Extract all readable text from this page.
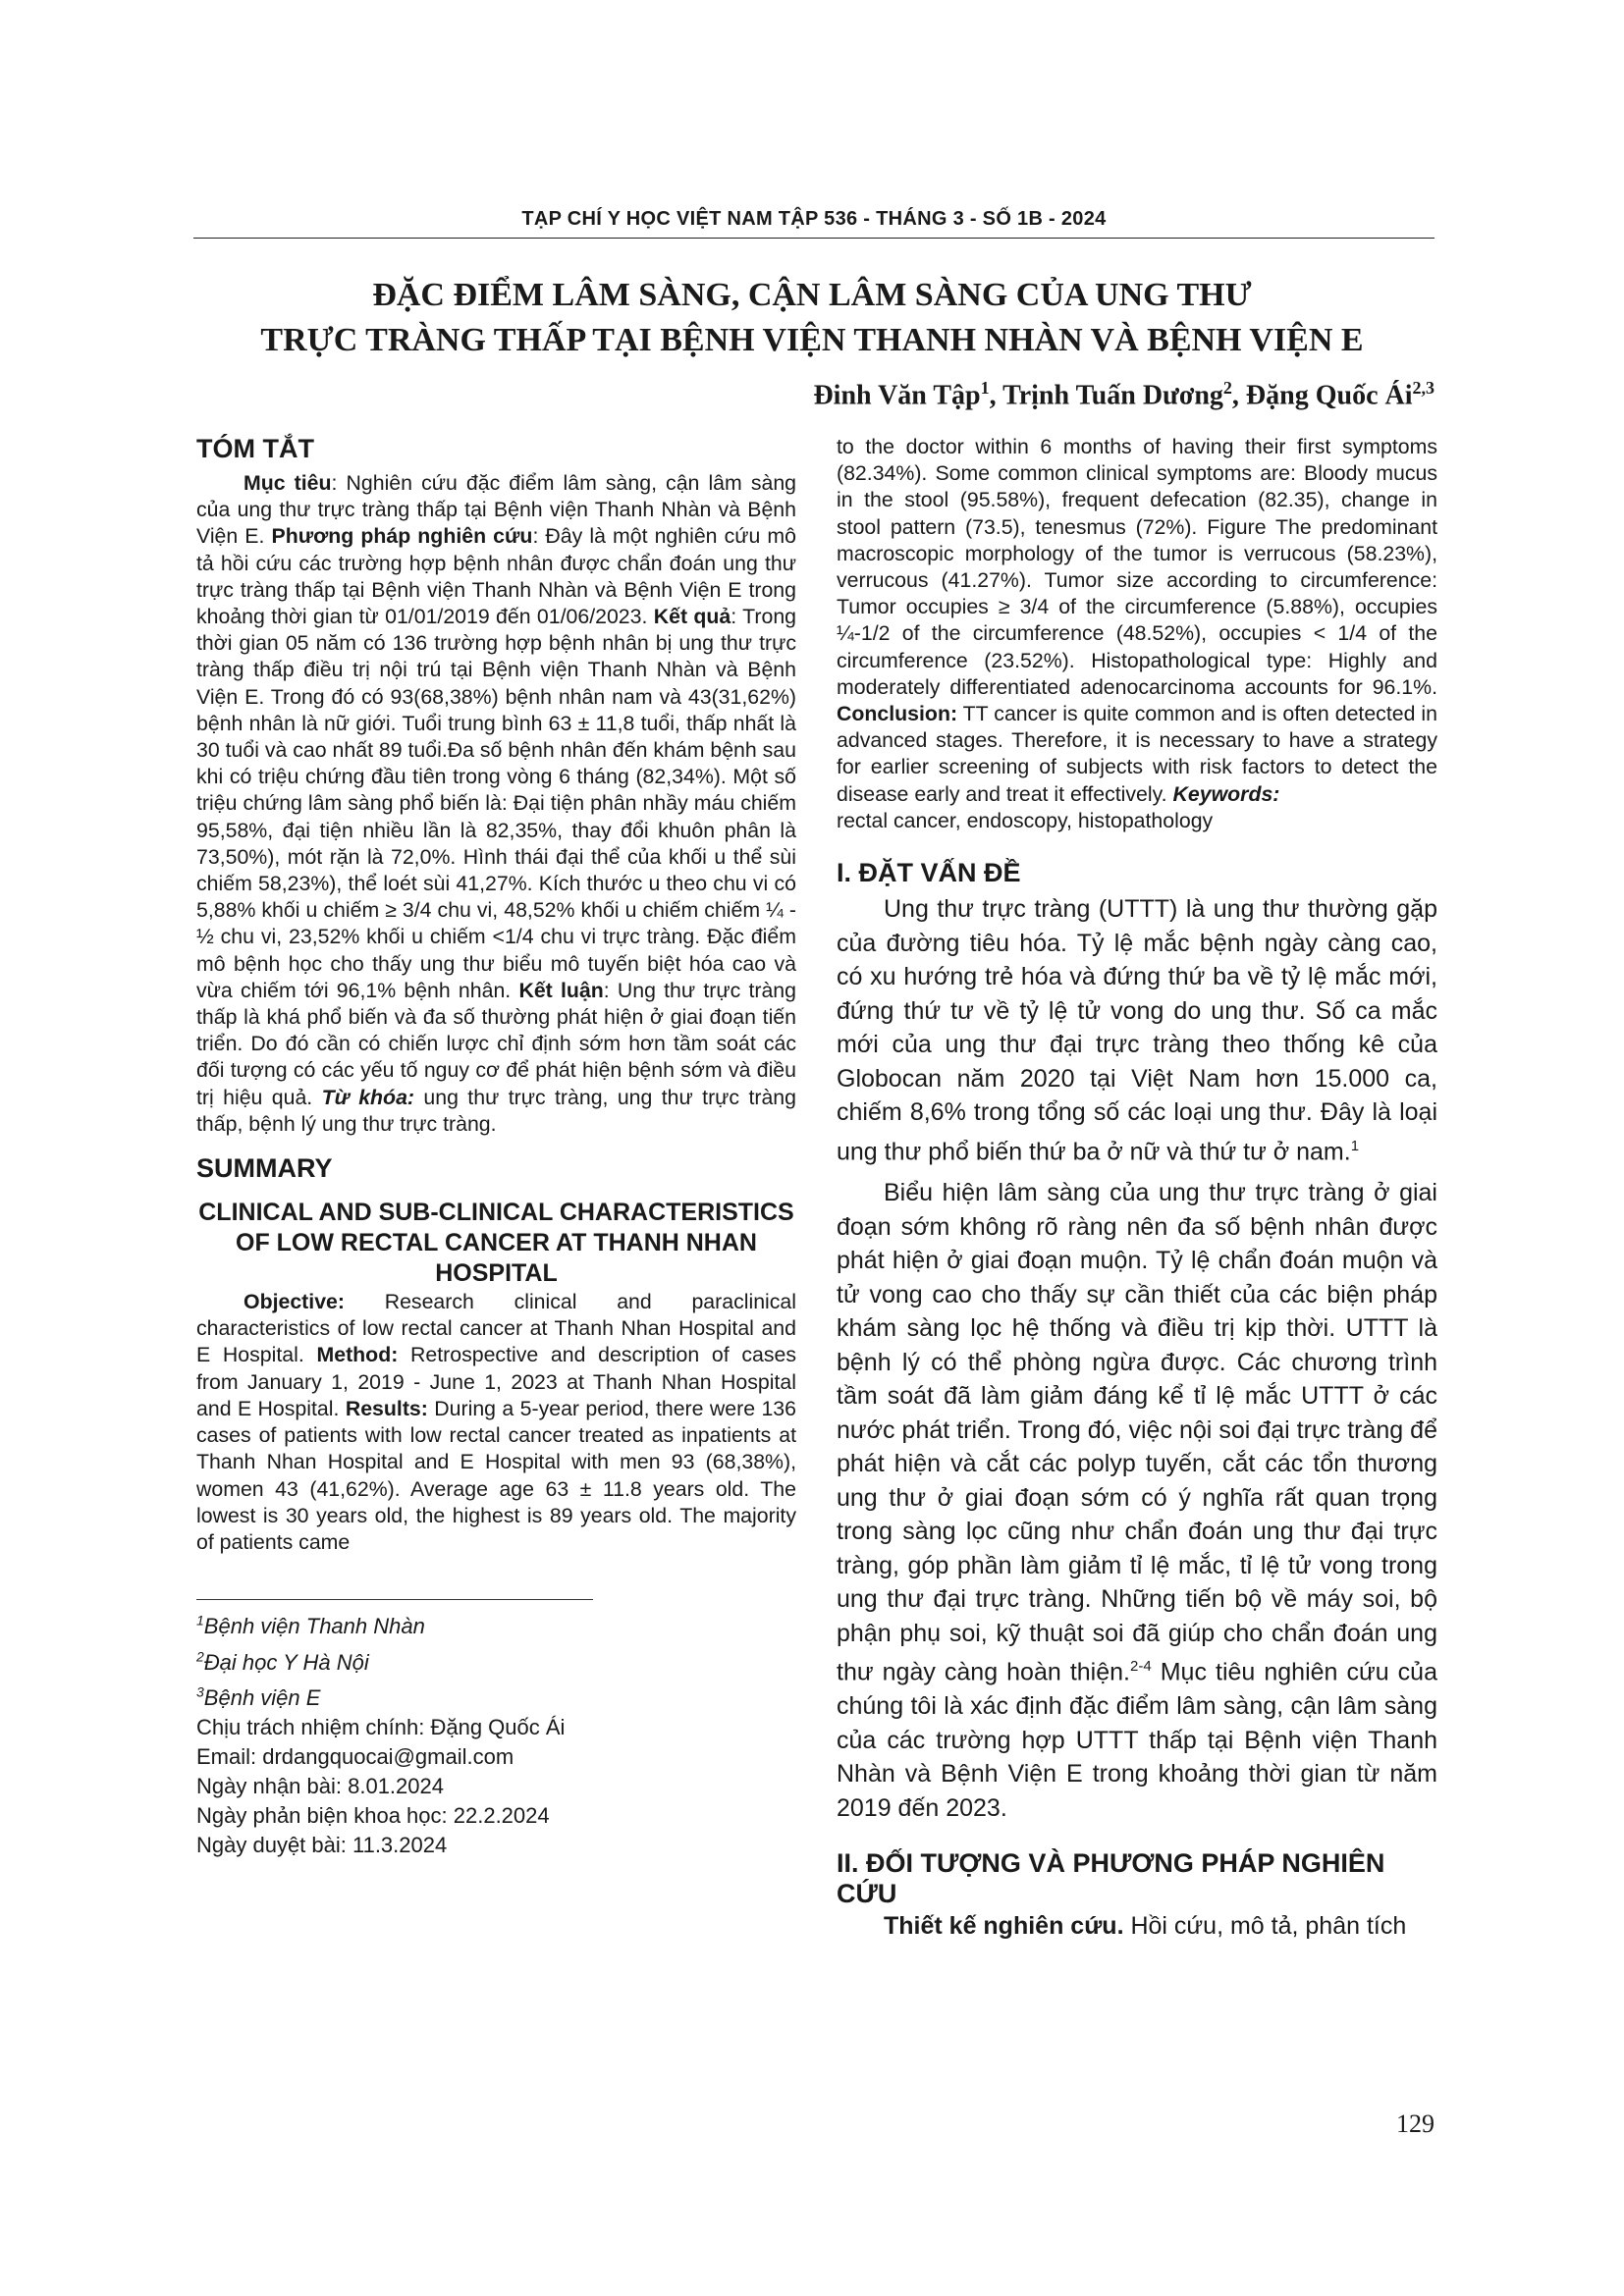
TẠP CHÍ Y HỌC VIỆT NAM TẬP 536 - THÁNG 3 - SỐ 1B - 2024
ĐẶC ĐIỂM LÂM SÀNG, CẬN LÂM SÀNG CỦA UNG THƯ
TRỰC TRÀNG THẤP TẠI BỆNH VIỆN THANH NHÀN VÀ BỆNH VIỆN E
Đinh Văn Tập$^1$, Trịnh Tuấn Dương$^2$, Đặng Quốc Ái$^{2,3}$
TÓM TẮT

Mục tiêu: Nghiên cứu đặc điểm lâm sàng, cận lâm sàng của ung thư trực tràng thấp tại Bệnh viện Thanh Nhàn và Bệnh Viện E. Phương pháp nghiên cứu: Đây là một nghiên cứu mô tả hồi cứu các trường hợp bệnh nhân được chẩn đoán ung thư trực tràng thấp tại Bệnh viện Thanh Nhàn và Bệnh Viện E trong khoảng thời gian từ 01/01/2019 đến 01/06/2023. Kết quả: Trong thời gian 05 năm có 136 trường hợp bệnh nhân bị ung thư trực tràng thấp điều trị nội trú tại Bệnh viện Thanh Nhàn và Bệnh Viện E. Trong đó có 93(68,38%) bệnh nhân nam và 43(31,62%) bệnh nhân là nữ giới. Tuổi trung bình 63 ± 11,8 tuổi, thấp nhất là 30 tuổi và cao nhất 89 tuổi.Đa số bệnh nhân đến khám bệnh sau khi có triệu chứng đầu tiên trong vòng 6 tháng (82,34%). Một số triệu chứng lâm sàng phổ biến là: Đại tiện phân nhầy máu chiếm 95,58%, đại tiện nhiều lần là 82,35%, thay đổi khuôn phân là 73,50%), mót rặn là 72,0%. Hình thái đại thể của khối u thể sùi chiếm 58,23%), thể loét sùi 41,27%. Kích thước u theo chu vi có 5,88% khối u chiếm ≥ 3/4 chu vi, 48,52% khối u chiếm chiếm ¼ - ½ chu vi, 23,52% khối u chiếm <1/4 chu vi trực tràng. Đặc điểm mô bệnh học cho thấy ung thư biểu mô tuyến biệt hóa cao và vừa chiếm tới 96,1% bệnh nhân. Kết luận: Ung thư trực tràng thấp là khá phổ biến và đa số thường phát hiện ở giai đoạn tiến triển. Do đó cần có chiến lược chỉ định sớm hơn tầm soát các đối tượng có các yếu tố nguy cơ để phát hiện bệnh sớm và điều trị hiệu quả. Từ khóa: ung thư trực tràng, ung thư trực tràng thấp, bệnh lý ung thư trực tràng.

SUMMARY
CLINICAL AND SUB-CLINICAL CHARACTERISTICS OF LOW RECTAL CANCER AT THANH NHAN HOSPITAL

Objective: Research clinical and paraclinical characteristics of low rectal cancer at Thanh Nhan Hospital and E Hospital. Method: Retrospective and description of cases from January 1, 2019 - June 1, 2023 at Thanh Nhan Hospital and E Hospital. Results: During a 5-year period, there were 136 cases of patients with low rectal cancer treated as inpatients at Thanh Nhan Hospital and E Hospital with men 93 (68,38%), women 43 (41,62%). Average age 63 ± 11.8 years old. The lowest is 30 years old, the highest is 89 years old. The majority of patients came

$^1$Bệnh viện Thanh Nhàn

$^2$Đại học Y Hà Nội

$^3$Bệnh viện E

Chịu trách nhiệm chính: Đặng Quốc Ái

Email: drdangquocai@gmail.com

Ngày nhận bài: 8.01.2024

Ngày phản biện khoa học: 22.2.2024

Ngày duyệt bài: 11.3.2024

to the doctor within 6 months of having their first symptoms (82.34%). Some common clinical symptoms are: Bloody mucus in the stool (95.58%), frequent defecation (82.35), change in stool pattern (73.5), tenesmus (72%). Figure The predominant macroscopic morphology of the tumor is verrucous (58.23%), verrucous (41.27%). Tumor size according to circumference: Tumor occupies ≥ 3/4 of the circumference (5.88%), occupies ¼-1/2 of the circumference (48.52%), occupies < 1/4 of the circumference (23.52%). Histopathological type: Highly and moderately differentiated adenocarcinoma accounts for 96.1%. Conclusion: TT cancer is quite common and is often detected in advanced stages. Therefore, it is necessary to have a strategy for earlier screening of subjects with risk factors to detect the disease early and treat it effectively. Keywords:
rectal cancer, endoscopy, histopathology

I. ĐẶT VẤN ĐỀ

Ung thư trực tràng (UTTT) là ung thư thường gặp của đường tiêu hóa. Tỷ lệ mắc bệnh ngày càng cao, có xu hướng trẻ hóa và đứng thứ ba về tỷ lệ mắc mới, đứng thứ tư về tỷ lệ tử vong do ung thư. Số ca mắc mới của ung thư đại trực tràng theo thống kê của Globocan năm 2020 tại Việt Nam hơn 15.000 ca, chiếm 8,6% trong tổng số các loại ung thư. Đây là loại ung thư phổ biến thứ ba ở nữ và thứ tư ở nam.$^1$

Biểu hiện lâm sàng của ung thư trực tràng ở giai đoạn sớm không rõ ràng nên đa số bệnh nhân được phát hiện ở giai đoạn muộn. Tỷ lệ chẩn đoán muộn và tử vong cao cho thấy sự cần thiết của các biện pháp khám sàng lọc hệ thống và điều trị kịp thời. UTTT là bệnh lý có thể phòng ngừa được. Các chương trình tầm soát đã làm giảm đáng kể tỉ lệ mắc UTTT ở các nước phát triển. Trong đó, việc nội soi đại trực tràng để phát hiện và cắt các polyp tuyến, cắt các tổn thương ung thư ở giai đoạn sớm có ý nghĩa rất quan trọng trong sàng lọc cũng như chẩn đoán ung thư đại trực tràng, góp phần làm giảm tỉ lệ mắc, tỉ lệ tử vong trong ung thư đại trực tràng. Những tiến bộ về máy soi, bộ phận phụ soi, kỹ thuật soi đã giúp cho chẩn đoán ung thư ngày càng hoàn thiện.$^{2-4}$ Mục tiêu nghiên cứu của chúng tôi là xác định đặc điểm lâm sàng, cận lâm sàng của các trường hợp UTTT thấp tại Bệnh viện Thanh Nhàn và Bệnh Viện E trong khoảng thời gian từ năm 2019 đến 2023.

II. ĐỐI TƯỢNG VÀ PHƯƠNG PHÁP NGHIÊN CỨU

Thiết kế nghiên cứu. Hồi cứu, mô tả, phân tích

129
